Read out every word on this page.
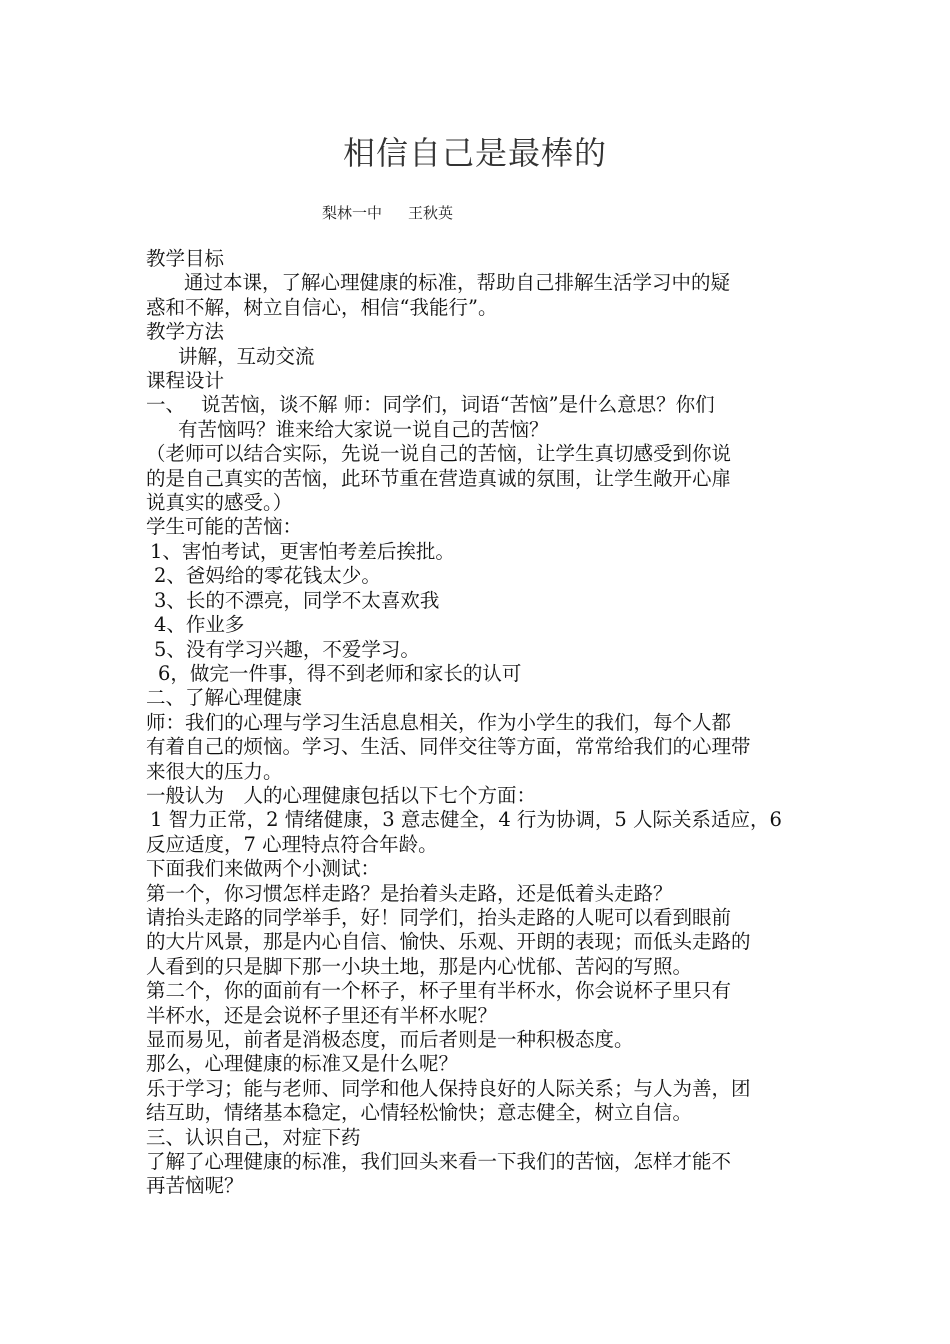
相信自己是最棒的
梨林一中 王秋英
教学目标
通过本课，了解心理健康的标准，帮助自己排解生活学习中的疑
惑和不解，树立自信心，相信“我能行”。
教学方法
讲解，互动交流
课程设计
一、　 说苦恼，谈不解 师：同学们，词语“苦恼”是什么意思？你们
有苦恼吗？谁来给大家说一说自己的苦恼？
（老师可以结合实际，先说一说自己的苦恼，让学生真切感受到你说
的是自己真实的苦恼，此环节重在营造真诚的氛围，让学生敞开心扉
说真实的感受。）
学生可能的苦恼：
1、害怕考试，更害怕考差后挨批。
2、爸妈给的零花钱太少。
3、长的不漂亮，同学不太喜欢我
4、作业多
5、没有学习兴趣，不爱学习。
6，做完一件事，得不到老师和家长的认可
二、了解心理健康
师：我们的心理与学习生活息息相关，作为小学生的我们，每个人都
有着自己的烦恼。学习、生活、同伴交往等方面，常常给我们的心理带
来很大的压力。
一般认为　人的心理健康包括以下七个方面：
1 智力正常，2 情绪健康，3 意志健全，4 行为协调，5 人际关系适应，6
反应适度，7 心理特点符合年龄。
下面我们来做两个小测试：
第一个，你习惯怎样走路？是抬着头走路，还是低着头走路？
请抬头走路的同学举手，好！同学们，抬头走路的人呢可以看到眼前
的大片风景，那是内心自信、愉快、乐观、开朗的表现；而低头走路的
人看到的只是脚下那一小块土地，那是内心忧郁、苦闷的写照。
第二个，你的面前有一个杯子，杯子里有半杯水，你会说杯子里只有
半杯水，还是会说杯子里还有半杯水呢？
显而易见，前者是消极态度，而后者则是一种积极态度。
那么，心理健康的标准又是什么呢？
乐于学习；能与老师、同学和他人保持良好的人际关系；与人为善，团
结互助，情绪基本稳定，心情轻松愉快；意志健全，树立自信。
三、认识自己，对症下药
了解了心理健康的标准，我们回头来看一下我们的苦恼，怎样才能不
再苦恼呢？
